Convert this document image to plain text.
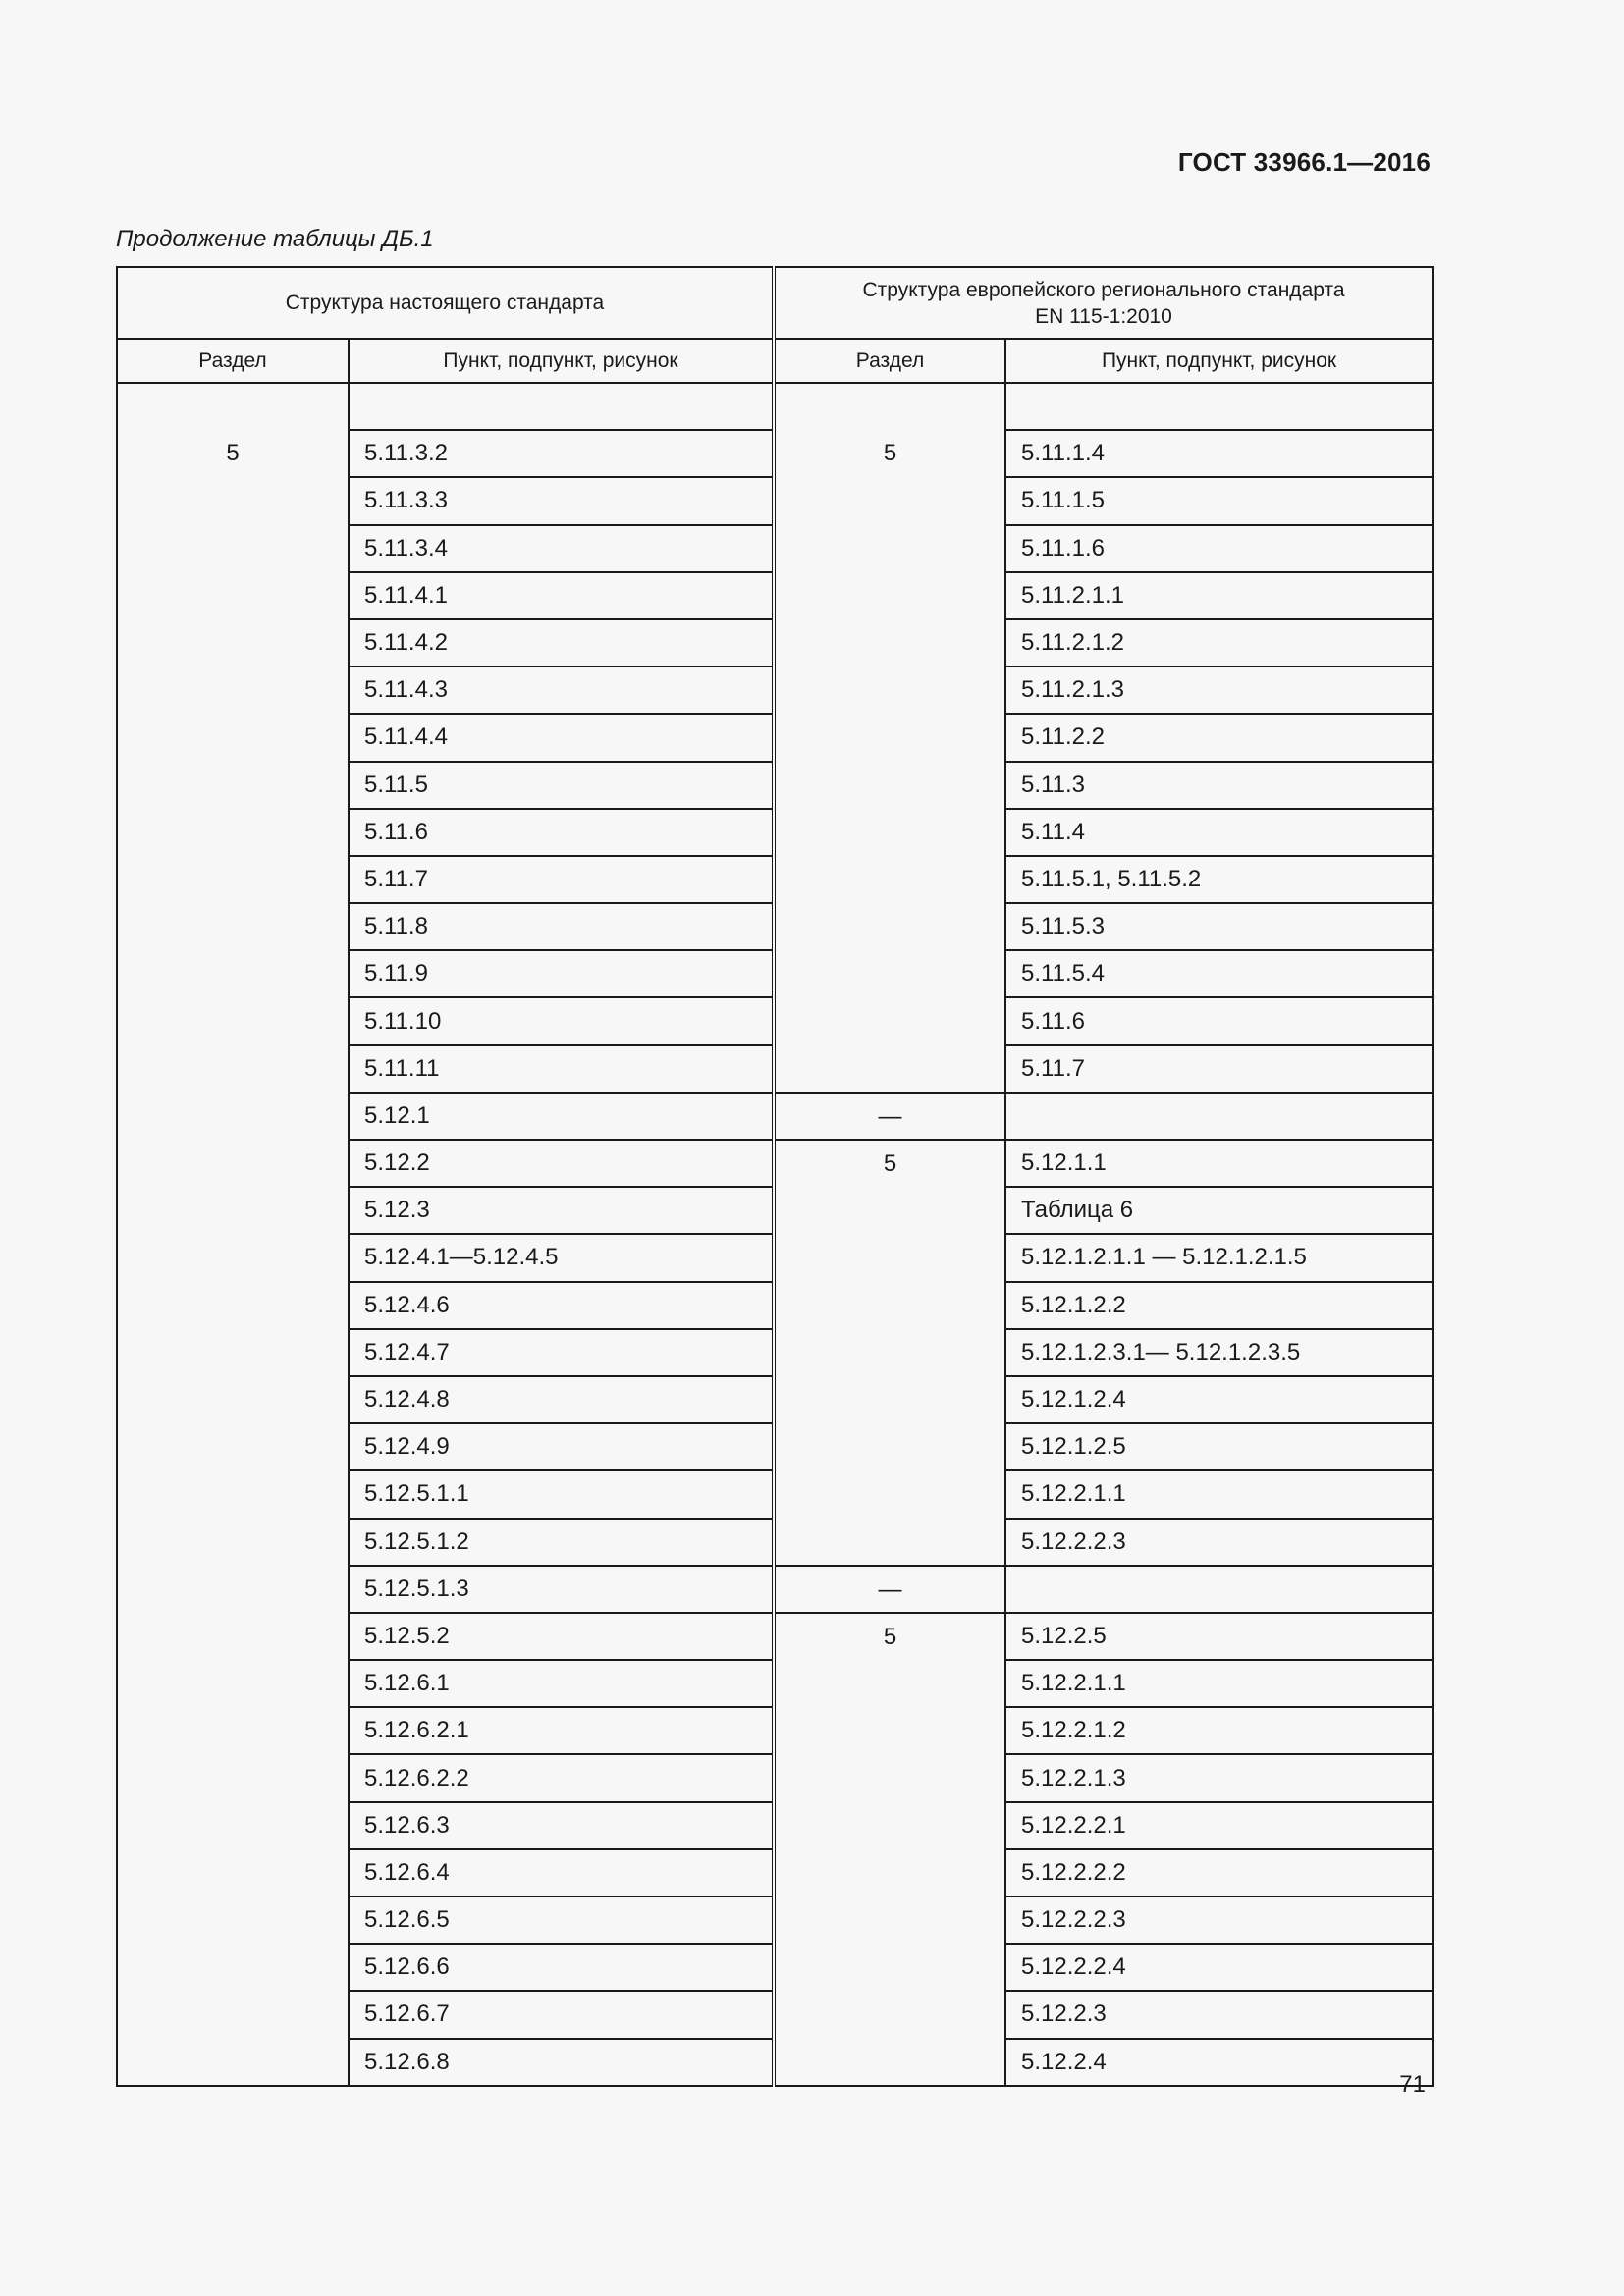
ГОСТ 33966.1—2016
Продолжение таблицы ДБ.1
Структура настоящего стандарта		Структура европейского регионального стандарта
EN 115-1:2010	

Раздел	Пункт, подпункт, рисунок	Раздел	Пункт, подпункт, рисунок

5	5.11.3.2	5	5.11.1.4
	5.11.3.3		5.11.1.5
	5.11.3.4		5.11.1.6
	5.11.4.1		5.11.2.1.1
	5.11.4.2		5.11.2.1.2
	5.11.4.3		5.11.2.1.3
	5.11.4.4		5.11.2.2
	5.11.5		5.11.3
	5.11.6		5.11.4
	5.11.7		5.11.5.1, 5.11.5.2
	5.11.8		5.11.5.3
	5.11.9		5.11.5.4
	5.11.10		5.11.6
	5.11.11		5.11.7
	5.12.1	—	
	5.12.2	5	5.12.1.1
	5.12.3		Таблица 6
	5.12.4.1—5.12.4.5		5.12.1.2.1.1 — 5.12.1.2.1.5
	5.12.4.6		5.12.1.2.2
	5.12.4.7		5.12.1.2.3.1— 5.12.1.2.3.5
	5.12.4.8		5.12.1.2.4
	5.12.4.9		5.12.1.2.5
	5.12.5.1.1		5.12.2.1.1
	5.12.5.1.2		5.12.2.2.3
	5.12.5.1.3	—	
	5.12.5.2	5	5.12.2.5
	5.12.6.1		5.12.2.1.1
	5.12.6.2.1		5.12.2.1.2
	5.12.6.2.2		5.12.2.1.3
	5.12.6.3		5.12.2.2.1
	5.12.6.4		5.12.2.2.2
	5.12.6.5		5.12.2.2.3
	5.12.6.6		5.12.2.2.4
	5.12.6.7		5.12.2.3
	5.12.6.8		5.12.2.4
71
